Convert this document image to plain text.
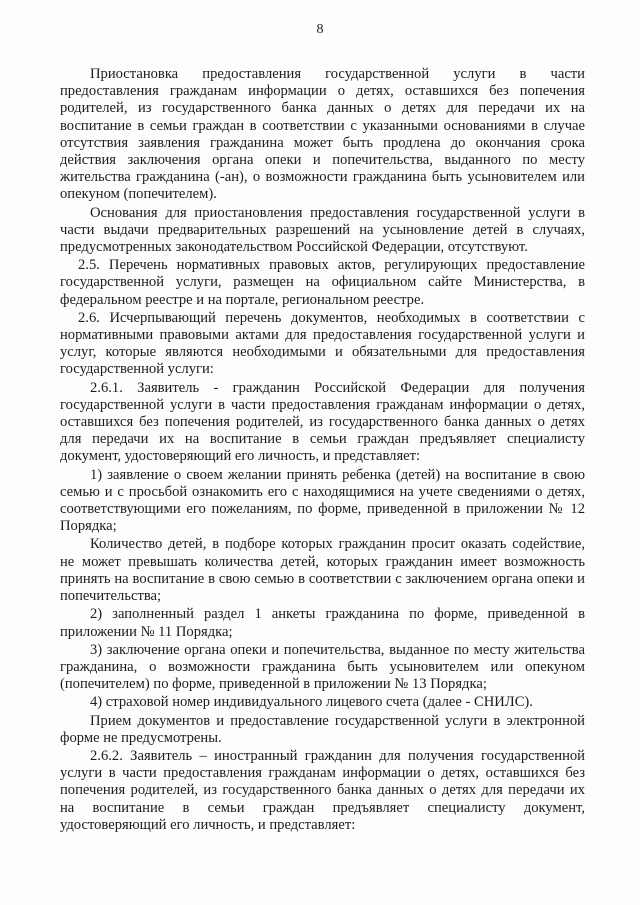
8

Приостановка предоставления государственной услуги в части предоставления гражданам информации о детях, оставшихся без попечения родителей, из государственного банка данных о детях для передачи их на воспитание в семьи граждан в соответствии с указанными основаниями в случае отсутствия заявления гражданина может быть продлена до окончания срока действия заключения органа опеки и попечительства, выданного по месту жительства гражданина (-ан), о возможности гражданина быть усыновителем или опекуном (попечителем).

Основания для приостановления предоставления государственной услуги в части выдачи предварительных разрешений на усыновление детей в случаях, предусмотренных законодательством Российской Федерации, отсутствуют.

2.5. Перечень нормативных правовых актов, регулирующих предоставление государственной услуги, размещен на официальном сайте Министерства, в федеральном реестре и на портале, региональном реестре.

2.6. Исчерпывающий перечень документов, необходимых в соответствии с нормативными правовыми актами для предоставления государственной услуги и услуг, которые являются необходимыми и обязательными для предоставления государственной услуги:

2.6.1. Заявитель - гражданин Российской Федерации для получения государственной услуги в части предоставления гражданам информации о детях, оставшихся без попечения родителей, из государственного банка данных о детях для передачи их на воспитание в семьи граждан предъявляет специалисту документ, удостоверяющий его личность, и представляет:

1) заявление о своем желании принять ребенка (детей) на воспитание в свою семью и с просьбой ознакомить его с находящимися на учете сведениями о детях, соответствующими его пожеланиям, по форме, приведенной в приложении № 12 Порядка;

Количество детей, в подборе которых гражданин просит оказать содействие, не может превышать количества детей, которых гражданин имеет возможность принять на воспитание в свою семью в соответствии с заключением органа опеки и попечительства;

2) заполненный раздел 1 анкеты гражданина по форме, приведенной в приложении № 11 Порядка;

3) заключение органа опеки и попечительства, выданное по месту жительства гражданина, о возможности гражданина быть усыновителем или опекуном (попечителем) по форме, приведенной в приложении № 13 Порядка;

4) страховой номер индивидуального лицевого счета (далее - СНИЛС).

Прием документов и предоставление государственной услуги в электронной форме не предусмотрены.

2.6.2. Заявитель – иностранный гражданин для получения государственной услуги в части предоставления гражданам информации о детях, оставшихся без попечения родителей, из государственного банка данных о детях для передачи их на воспитание в семьи граждан предъявляет специалисту документ, удостоверяющий его личность, и представляет:
